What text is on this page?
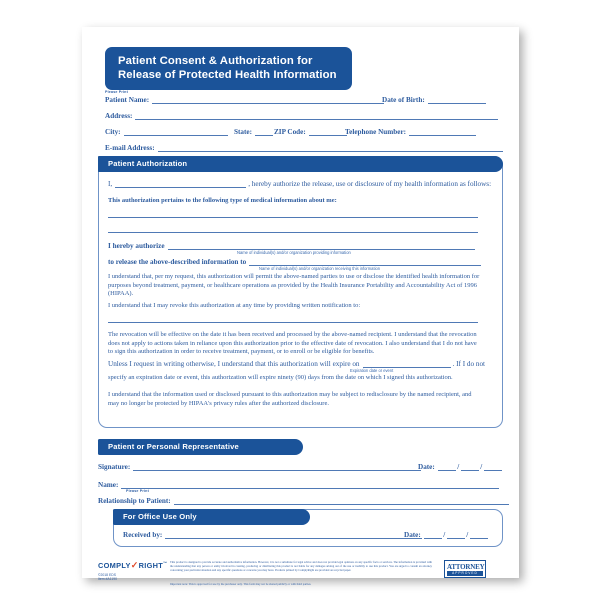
Patient Consent & Authorization for
Release of Protected Health Information
Please Print
Patient Name:	Date of Birth:
Address:
City:	State:	ZIP Code:	Telephone Number:
E-mail Address:
Patient Authorization
I,	, hereby authorize the release, use or disclosure of my health information as follows:
This authorization pertains to the following type of medical information about me:
I hereby authorize
Name of individual(s) and/or organization providing information
to release the above-described information to
Name of individual(s) and/or organization receiving this information
I understand that, per my request, this authorization will permit the above-named parties to use or disclose the identified health information for purposes beyond treatment, payment, or healthcare operations as provided by the Health Insurance Portability and Accountability Act of 1996 (HIPAA).
I understand that I may revoke this authorization at any time by providing written notification to:
The revocation will be effective on the date it has been received and processed by the above-named recipient. I understand that the revocation does not apply to actions taken in reliance upon this authorization prior to the effective date of revocation. I also understand that I do not have to sign this authorization in order to receive treatment, payment, or to enroll or be eligible for benefits.
Unless I request in writing otherwise, I understand that this authorization will expire on	. If I do not
Expiration date or event
specify an expiration date or event, this authorization will expire ninety (90) days from the date on which I signed this authorization.
I understand that the information used or disclosed pursuant to this authorization may be subject to redisclosure by the named recipient, and may no longer be protected by HIPAA's privacy rules after the authorized disclosure.
Patient or Personal Representative
Signature:	Date:	/	/
Name:
Please Print
Relationship to Patient:
For Office Use Only
Received by:	Date:	/	/
COMPLY✓RIGHT™
©2018 EDS
Item #A1190
This product is designed to provide accurate and authoritative information. However, it is not a substitute for legal advice and does not provide legal opinions on any specific facts or services. The information is provided with the understanding that any person or entity involved in creating, producing or distributing this product is not liable for any damages arising out of the use or inability to use this product. You are urged to consult an attorney concerning your particular situation and any specific questions or concerns you may have. Products printed by ComplyRight are provided on recycled paper.
Important note: This is approved for use by the purchaser only. This form may not be shared publicly or with third parties.
ATTORNEY
APPROVED
